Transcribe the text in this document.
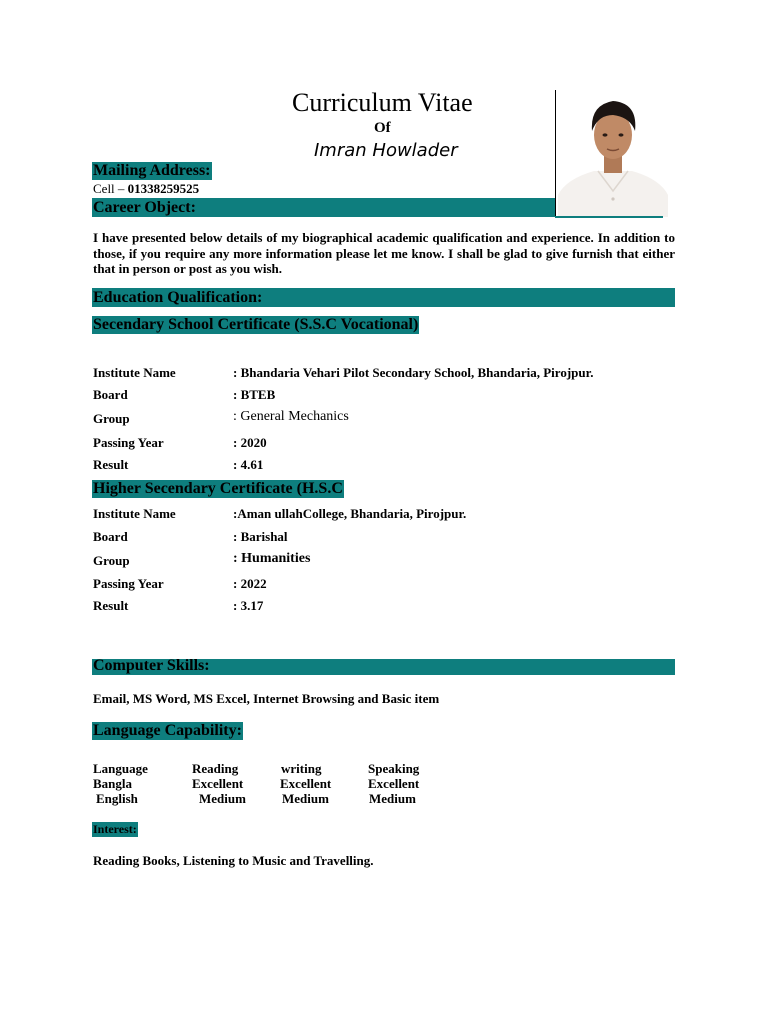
Curriculum Vitae
Of
Imran Howlader
Mailing Address:
Cell – 01338259525
Career Object:
I have presented below details of my biographical academic qualification and experience. In addition to those, if you require any more information please let me know. I shall be glad to give furnish that either that in person or post as you wish.
Education Qualification:
Secendary School Certificate (S.S.C Vocational)
Institute Name	: Bhandaria Vehari Pilot Secondary School, Bhandaria, Pirojpur.
Board	: BTEB
Group	: General Mechanics
Passing Year	: 2020
Result	: 4.61
Higher Secendary Certificate (H.S.C
Institute Name	:Aman ullahCollege, Bhandaria, Pirojpur.
Board	: Barishal
Group	: Humanities
Passing Year	: 2022
Result	: 3.17
Computer Skills:
Email, MS Word, MS Excel, Internet Browsing and Basic item
Language Capability:
Language	Reading	writing	Speaking
Bangla	Excellent	Excellent	Excellent
English	Medium	Medium	Medium
Interest:
Reading Books, Listening to Music and Travelling.
